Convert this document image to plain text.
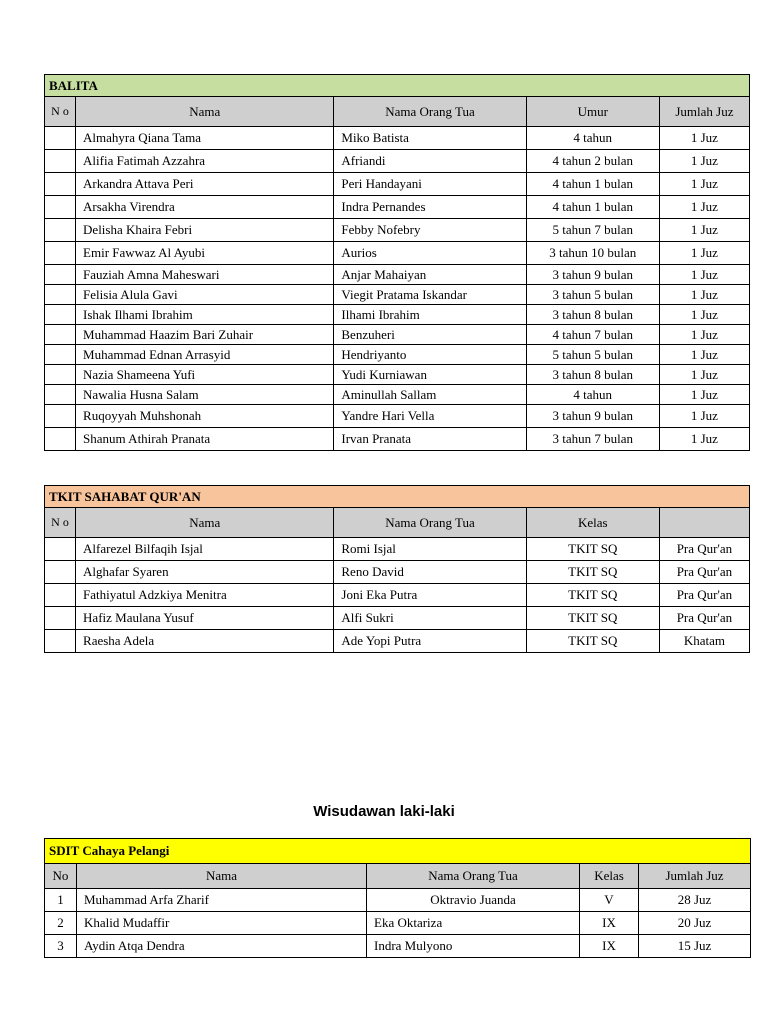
BALITA				
N o	Nama	Nama Orang Tua	Umur	Jumlah Juz
	Almahyra Qiana Tama	Miko Batista	4 tahun	1 Juz
	Alifia Fatimah Azzahra	Afriandi	4 tahun 2 bulan	1 Juz
	Arkandra Attava Peri	Peri Handayani	4 tahun 1 bulan	1 Juz
	Arsakha Virendra	Indra Pernandes	4 tahun 1 bulan	1 Juz
	Delisha Khaira Febri	Febby Nofebry	5 tahun 7 bulan	1 Juz
	Emir Fawwaz Al Ayubi	Aurios	3 tahun 10 bulan	1 Juz
	Fauziah Amna Maheswari	Anjar Mahaiyan	3 tahun 9 bulan	1 Juz
	Felisia Alula Gavi	Viegit Pratama Iskandar	3 tahun 5 bulan	1 Juz
	Ishak Ilhami Ibrahim	Ilhami Ibrahim	3 tahun 8 bulan	1 Juz
	Muhammad Haazim Bari Zuhair	Benzuheri	4 tahun 7 bulan	1 Juz
	Muhammad Ednan Arrasyid	Hendriyanto	5 tahun 5 bulan	1 Juz
	Nazia Shameena Yufi	Yudi Kurniawan	3 tahun 8 bulan	1 Juz
	Nawalia Husna Salam	Aminullah Sallam	4 tahun	1 Juz
	Ruqoyyah Muhshonah	Yandre Hari Vella	3 tahun 9 bulan	1 Juz
	Shanum Athirah Pranata	Irvan Pranata	3 tahun 7 bulan	1 Juz
TKIT SAHABAT QUR'AN				
N o	Nama	Nama Orang Tua	Kelas	
	Alfarezel Bilfaqih Isjal	Romi Isjal	TKIT SQ	Pra Qur'an
	Alghafar Syaren	Reno David	TKIT SQ	Pra Qur'an
	Fathiyatul Adzkiya Menitra	Joni Eka Putra	TKIT SQ	Pra Qur'an
	Hafiz Maulana Yusuf	Alfi Sukri	TKIT SQ	Pra Qur'an
	Raesha Adela	Ade Yopi Putra	TKIT SQ	Khatam
Wisudawan laki-laki
SDIT Cahaya Pelangi				
No	Nama	Nama Orang Tua	Kelas	Jumlah Juz
1	Muhammad Arfa Zharif	Oktravio Juanda	V	28 Juz
2	Khalid Mudaffir	Eka Oktariza	IX	20 Juz
3	Aydin Atqa Dendra	Indra Mulyono	IX	15 Juz
